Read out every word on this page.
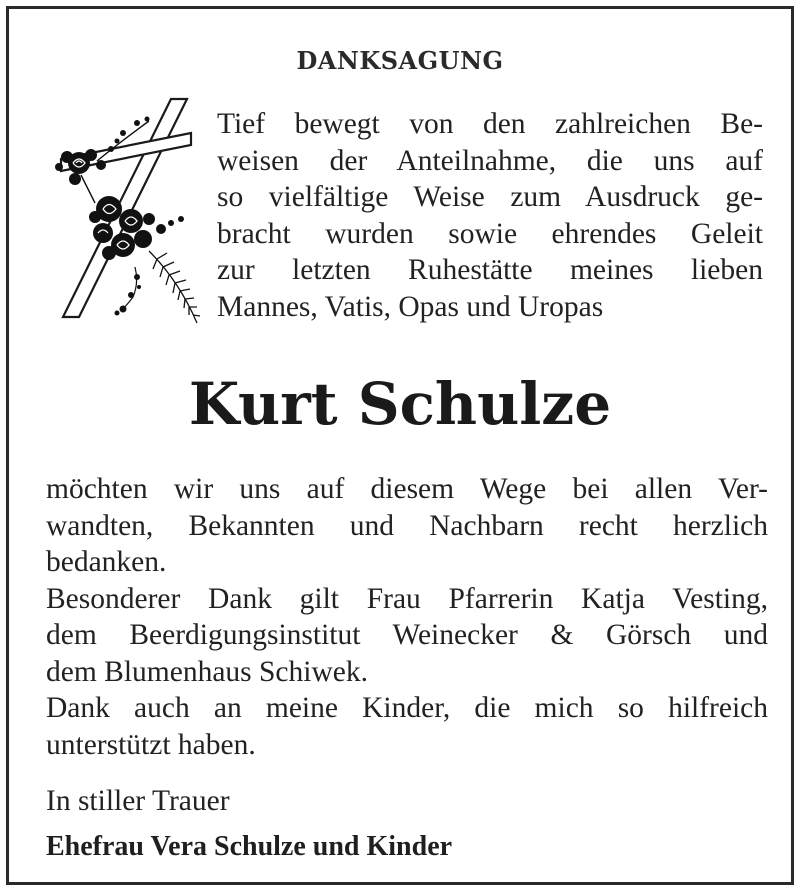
DANKSAGUNG
Tief bewegt von den zahlreichen Be-
weisen der Anteilnahme, die uns auf
so vielfältige Weise zum Ausdruck ge-
bracht wurden sowie ehrendes Geleit
zur letzten Ruhestätte meines lieben
Mannes, Vatis, Opas und Uropas
Kurt Schulze
möchten wir uns auf diesem Wege bei allen Ver-
wandten, Bekannten und Nachbarn recht herzlich
bedanken.
Besonderer Dank gilt Frau Pfarrerin Katja Vesting,
dem Beerdigungsinstitut Weinecker & Görsch und
dem Blumenhaus Schiwek.
Dank auch an meine Kinder, die mich so hilfreich
unterstützt haben.
In stiller Trauer
Ehefrau Vera Schulze und Kinder
